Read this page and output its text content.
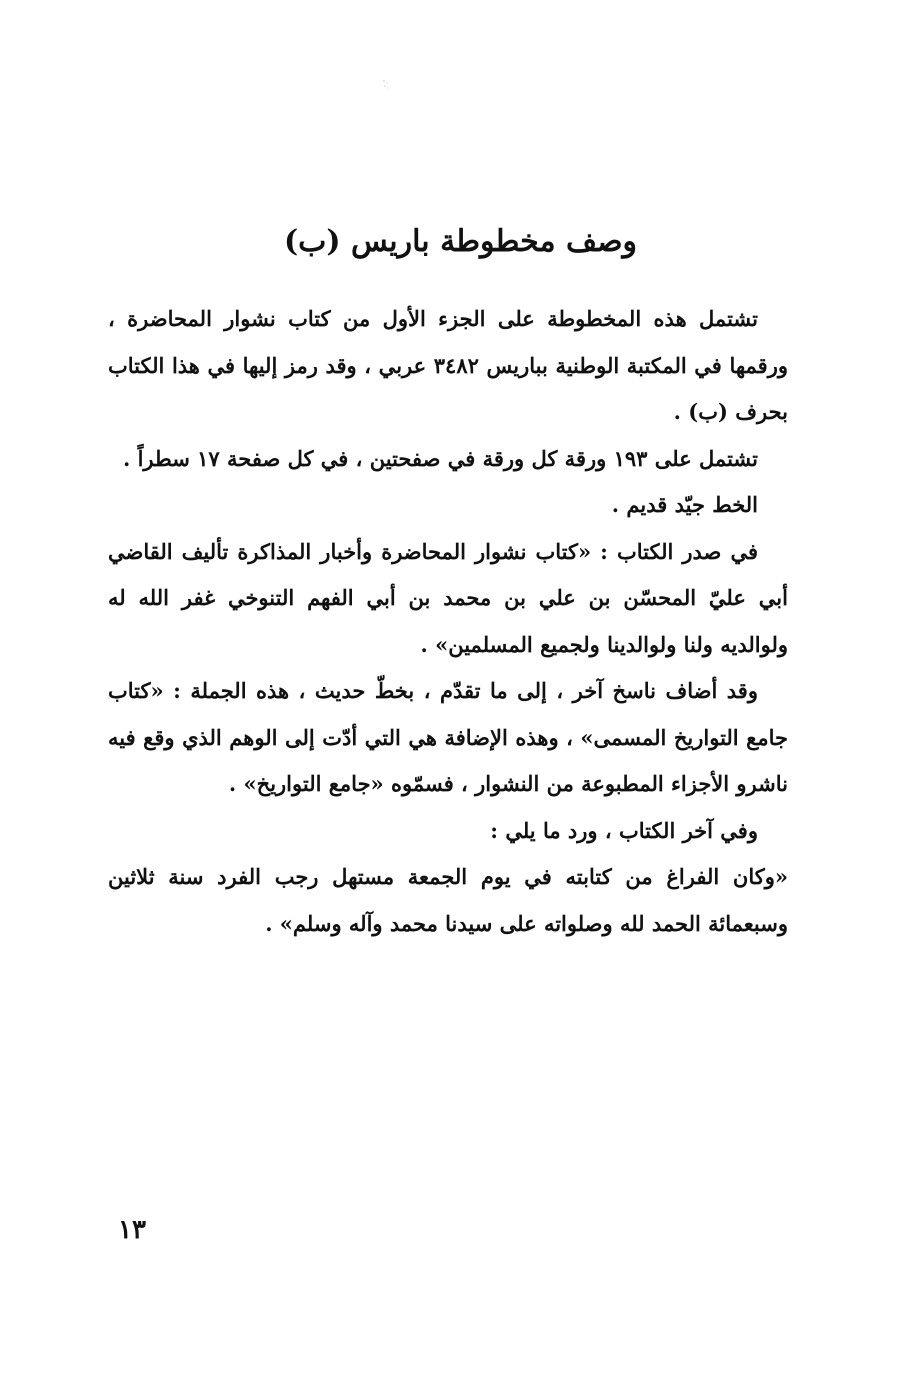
وصف مخطوطة باريس (ب)

تشتمل هذه المخطوطة على الجزء الأول من كتاب نشوار المحاضرة ، ورقمها في المكتبة الوطنية بباريس ٣٤٨٢ عربي ، وقد رمز إليها في هذا الكتاب بحرف (ب) .

تشتمل على ١٩٣ ورقة كل ورقة في صفحتين ، في كل صفحة ١٧ سطراً .

الخط جيّد قديم .

في صدر الكتاب : «كتاب نشوار المحاضرة وأخبار المذاكرة تأليف القاضي أبي عليّ المحسّن بن علي بن محمد بن أبي الفهم التنوخي غفر الله له ولوالديه ولنا ولوالدينا ولجميع المسلمين» .

وقد أضاف ناسخ آخر ، إلى ما تقدّم ، بخطّ حديث ، هذه الجملة : «كتاب جامع التواريخ المسمى» ، وهذه الإضافة هي التي أدّت إلى الوهم الذي وقع فيه ناشرو الأجزاء المطبوعة من النشوار ، فسمّوه «جامع التواريخ» .

وفي آخر الكتاب ، ورد ما يلي :

«وكان الفراغ من كتابته في يوم الجمعة مستهل رجب الفرد سنة ثلاثين وسبعمائة الحمد لله وصلواته على سيدنا محمد وآله وسلم» .

١٣
